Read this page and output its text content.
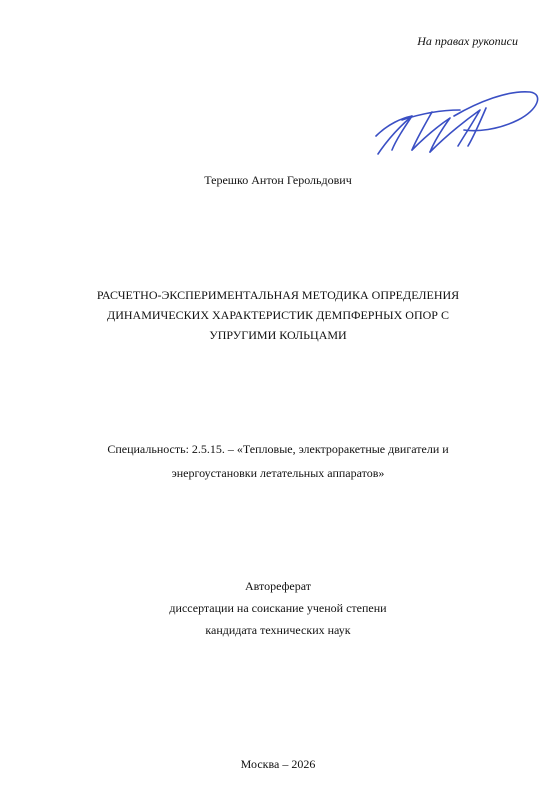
На правах рукописи
Терешко Антон Герольдович
РАСЧЕТНО-ЭКСПЕРИМЕНТАЛЬНАЯ МЕТОДИКА ОПРЕДЕЛЕНИЯ
ДИНАМИЧЕСКИХ ХАРАКТЕРИСТИК ДЕМПФЕРНЫХ ОПОР С
УПРУГИМИ КОЛЬЦАМИ
Специальность: 2.5.15. – «Тепловые, электроракетные двигатели и
энергоустановки летательных аппаратов»
Автореферат
диссертации на соискание ученой степени
кандидата технических наук
Москва – 2026
